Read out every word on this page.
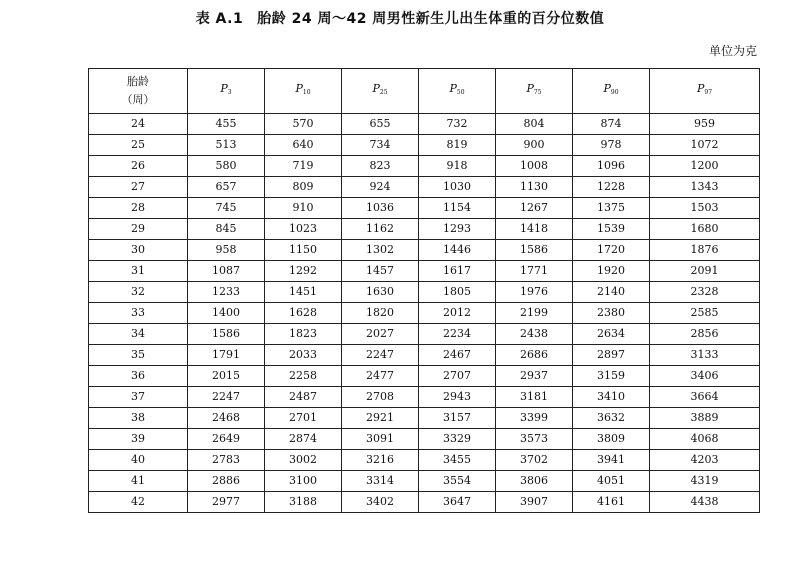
表 A.1 胎龄 24 周～42 周男性新生儿出生体重的百分位数值
单位为克
胎龄
（周）	$P_3$	$P_{10}$	$P_{25}$	$P_{50}$	$P_{75}$	$P_{90}$	$P_{97}$
24	455	570	655	732	804	874	959
25	513	640	734	819	900	978	1072
26	580	719	823	918	1008	1096	1200
27	657	809	924	1030	1130	1228	1343
28	745	910	1036	1154	1267	1375	1503
29	845	1023	1162	1293	1418	1539	1680
30	958	1150	1302	1446	1586	1720	1876
31	1087	1292	1457	1617	1771	1920	2091
32	1233	1451	1630	1805	1976	2140	2328
33	1400	1628	1820	2012	2199	2380	2585
34	1586	1823	2027	2234	2438	2634	2856
35	1791	2033	2247	2467	2686	2897	3133
36	2015	2258	2477	2707	2937	3159	3406
37	2247	2487	2708	2943	3181	3410	3664
38	2468	2701	2921	3157	3399	3632	3889
39	2649	2874	3091	3329	3573	3809	4068
40	2783	3002	3216	3455	3702	3941	4203
41	2886	3100	3314	3554	3806	4051	4319
42	2977	3188	3402	3647	3907	4161	4438
